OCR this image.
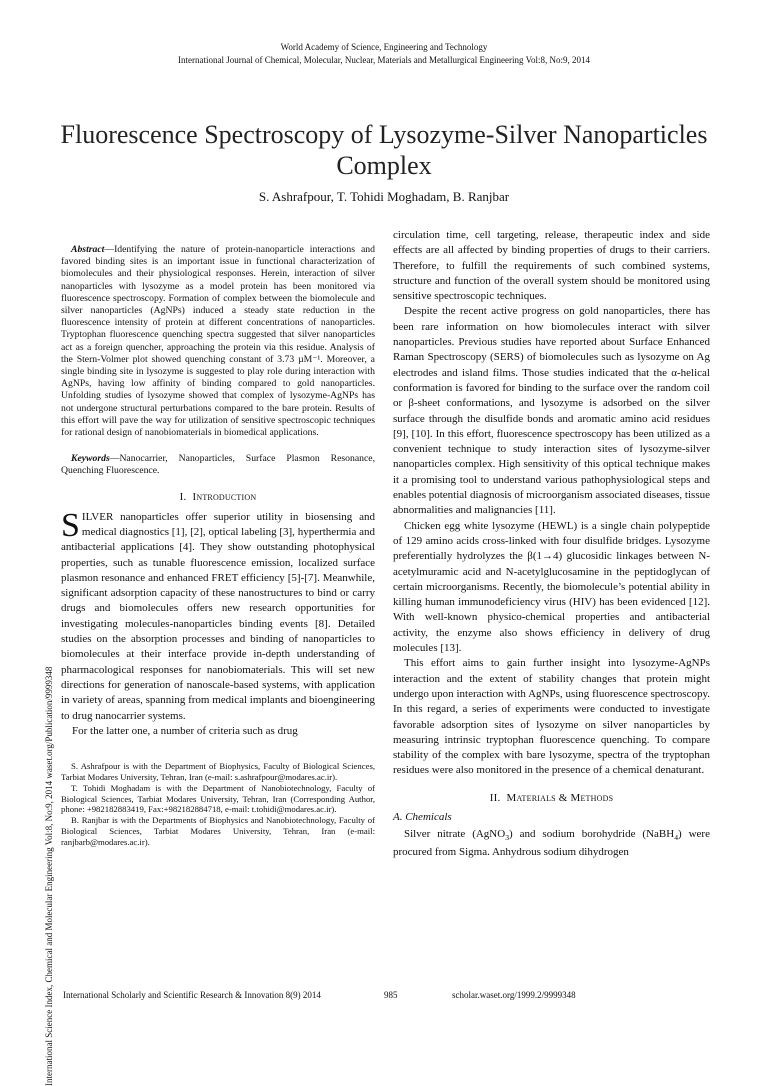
World Academy of Science, Engineering and Technology
International Journal of Chemical, Molecular, Nuclear, Materials and Metallurgical Engineering Vol:8, No:9, 2014
Fluorescence Spectroscopy of Lysozyme-Silver Nanoparticles Complex
S. Ashrafpour, T. Tohidi Moghadam, B. Ranjbar
International Science Index, Chemical and Molecular Engineering Vol:8, No:9, 2014 waset.org/Publication/9999348

Abstract—Identifying the nature of protein-nanoparticle interactions and favored binding sites is an important issue in functional characterization of biomolecules and their physiological responses. Herein, interaction of silver nanoparticles with lysozyme as a model protein has been monitored via fluorescence spectroscopy. Formation of complex between the biomolecule and silver nanoparticles (AgNPs) induced a steady state reduction in the fluorescence intensity of protein at different concentrations of nanoparticles. Tryptophan fluorescence quenching spectra suggested that silver nanoparticles act as a foreign quencher, approaching the protein via this residue. Analysis of the Stern-Volmer plot showed quenching constant of 3.73 µM⁻¹. Moreover, a single binding site in lysozyme is suggested to play role during interaction with AgNPs, having low affinity of binding compared to gold nanoparticles. Unfolding studies of lysozyme showed that complex of lysozyme-AgNPs has not undergone structural perturbations compared to the bare protein. Results of this effort will pave the way for utilization of sensitive spectroscopic techniques for rational design of nanobiomaterials in biomedical applications.

Keywords—Nanocarrier, Nanoparticles, Surface Plasmon Resonance, Quenching Fluorescence.

I. Introduction

SILVER nanoparticles offer superior utility in biosensing and medical diagnostics [1], [2], optical labeling [3], hyperthermia and antibacterial applications [4]. They show outstanding photophysical properties, such as tunable fluorescence emission, localized surface plasmon resonance and enhanced FRET efficiency [5]-[7]. Meanwhile, significant adsorption capacity of these nanostructures to bind or carry drugs and biomolecules offers new research opportunities for investigating molecules-nanoparticles binding events [8]. Detailed studies on the absorption processes and binding of nanoparticles to biomolecules at their interface provide in-depth understanding of pharmacological responses for nanobiomaterials. This will set new directions for generation of nanoscale-based systems, with application in variety of areas, spanning from medical implants and bioengineering to drug nanocarrier systems.

For the latter one, a number of criteria such as drug

S. Ashrafpour is with the Department of Biophysics, Faculty of Biological Sciences, Tarbiat Modares University, Tehran, Iran (e-mail: s.ashrafpour@modares.ac.ir).

T. Tohidi Moghadam is with the Department of Nanobiotechnology, Faculty of Biological Sciences, Tarbiat Modares University, Tehran, Iran (Corresponding Author, phone: +982182883419, Fax:+982182884718, e-mail: t.tohidi@modares.ac.ir).

B. Ranjbar is with the Departments of Biophysics and Nanobiotechnology, Faculty of Biological Sciences, Tarbiat Modares University, Tehran, Iran (e-mail: ranjbarb@modares.ac.ir).

circulation time, cell targeting, release, therapeutic index and side effects are all affected by binding properties of drugs to their carriers. Therefore, to fulfill the requirements of such combined systems, structure and function of the overall system should be monitored using sensitive spectroscopic techniques.

Despite the recent active progress on gold nanoparticles, there has been rare information on how biomolecules interact with silver nanoparticles. Previous studies have reported about Surface Enhanced Raman Spectroscopy (SERS) of biomolecules such as lysozyme on Ag electrodes and island films. Those studies indicated that the α-helical conformation is favored for binding to the surface over the random coil or β-sheet conformations, and lysozyme is adsorbed on the silver surface through the disulfide bonds and aromatic amino acid residues [9], [10]. In this effort, fluorescence spectroscopy has been utilized as a convenient technique to study interaction sites of lysozyme-silver nanoparticles complex. High sensitivity of this optical technique makes it a promising tool to understand various pathophysiological steps and enables potential diagnosis of microorganism associated diseases, tissue abnormalities and malignancies [11].

Chicken egg white lysozyme (HEWL) is a single chain polypeptide of 129 amino acids cross-linked with four disulfide bridges. Lysozyme preferentially hydrolyzes the β(1→4) glucosidic linkages between N-acetylmuramic acid and N-acetylglucosamine in the peptidoglycan of certain microorganisms. Recently, the biomolecule’s potential ability in killing human immunodeficiency virus (HIV) has been evidenced [12]. With well-known physico-chemical properties and antibacterial activity, the enzyme also shows efficiency in delivery of drug molecules [13].

This effort aims to gain further insight into lysozyme-AgNPs interaction and the extent of stability changes that protein might undergo upon interaction with AgNPs, using fluorescence spectroscopy. In this regard, a series of experiments were conducted to investigate favorable adsorption sites of lysozyme on silver nanoparticles by measuring intrinsic tryptophan fluorescence quenching. To compare stability of the complex with bare lysozyme, spectra of the tryptophan residues were also monitored in the presence of a chemical denaturant.

II. Materials & Methods
A. Chemicals

Silver nitrate (AgNO$_3$) and sodium borohydride (NaBH$_4$) were procured from Sigma. Anhydrous sodium dihydrogen

International Scholarly and Scientific Research & Innovation 8(9) 2014	985	scholar.waset.org/1999.2/9999348
